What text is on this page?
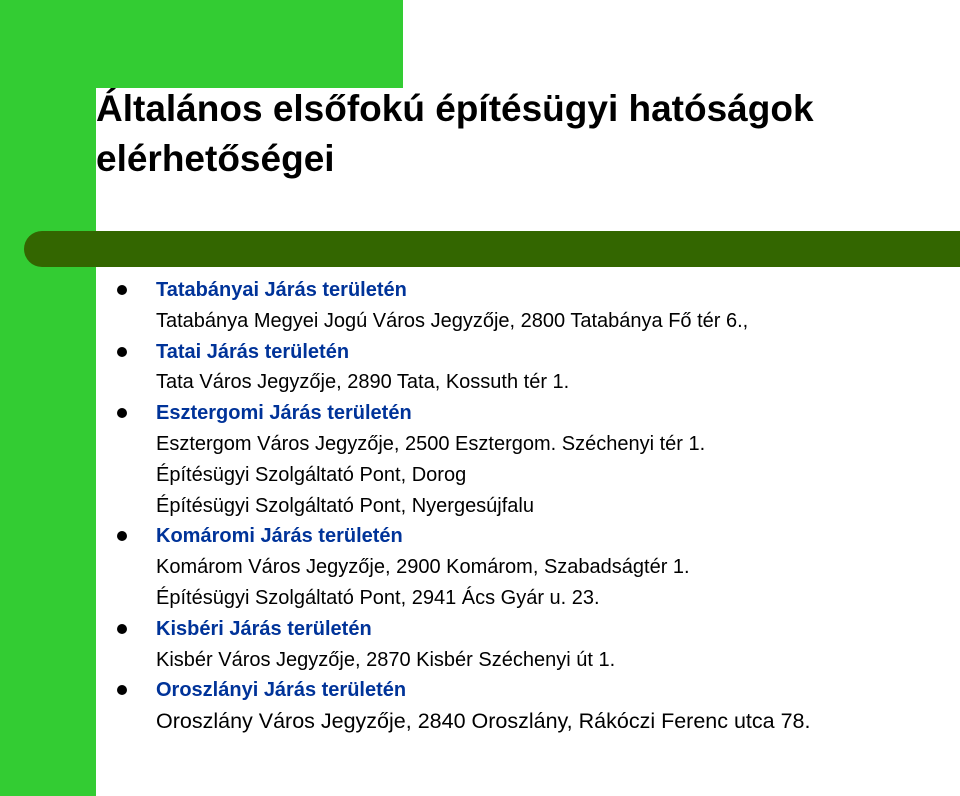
Általános elsőfokú építésügyi hatóságok
elérhetőségei
Tatabányai Járás területén
Tatabánya Megyei Jogú Város Jegyzője, 2800 Tatabánya Fő tér 6.,
Tatai Járás területén
Tata Város Jegyzője, 2890 Tata, Kossuth tér 1.
Esztergomi Járás területén
Esztergom Város Jegyzője, 2500 Esztergom. Széchenyi tér 1.
Építésügyi Szolgáltató Pont, Dorog
Építésügyi Szolgáltató Pont, Nyergesújfalu
Komáromi Járás területén
Komárom Város Jegyzője, 2900 Komárom, Szabadságtér 1.
Építésügyi Szolgáltató Pont, 2941 Ács Gyár u. 23.
Kisbéri Járás területén
Kisbér Város Jegyzője, 2870 Kisbér Széchenyi út 1.
Oroszlányi Járás területén
Oroszlány Város Jegyzője, 2840 Oroszlány, Rákóczi Ferenc utca 78.
